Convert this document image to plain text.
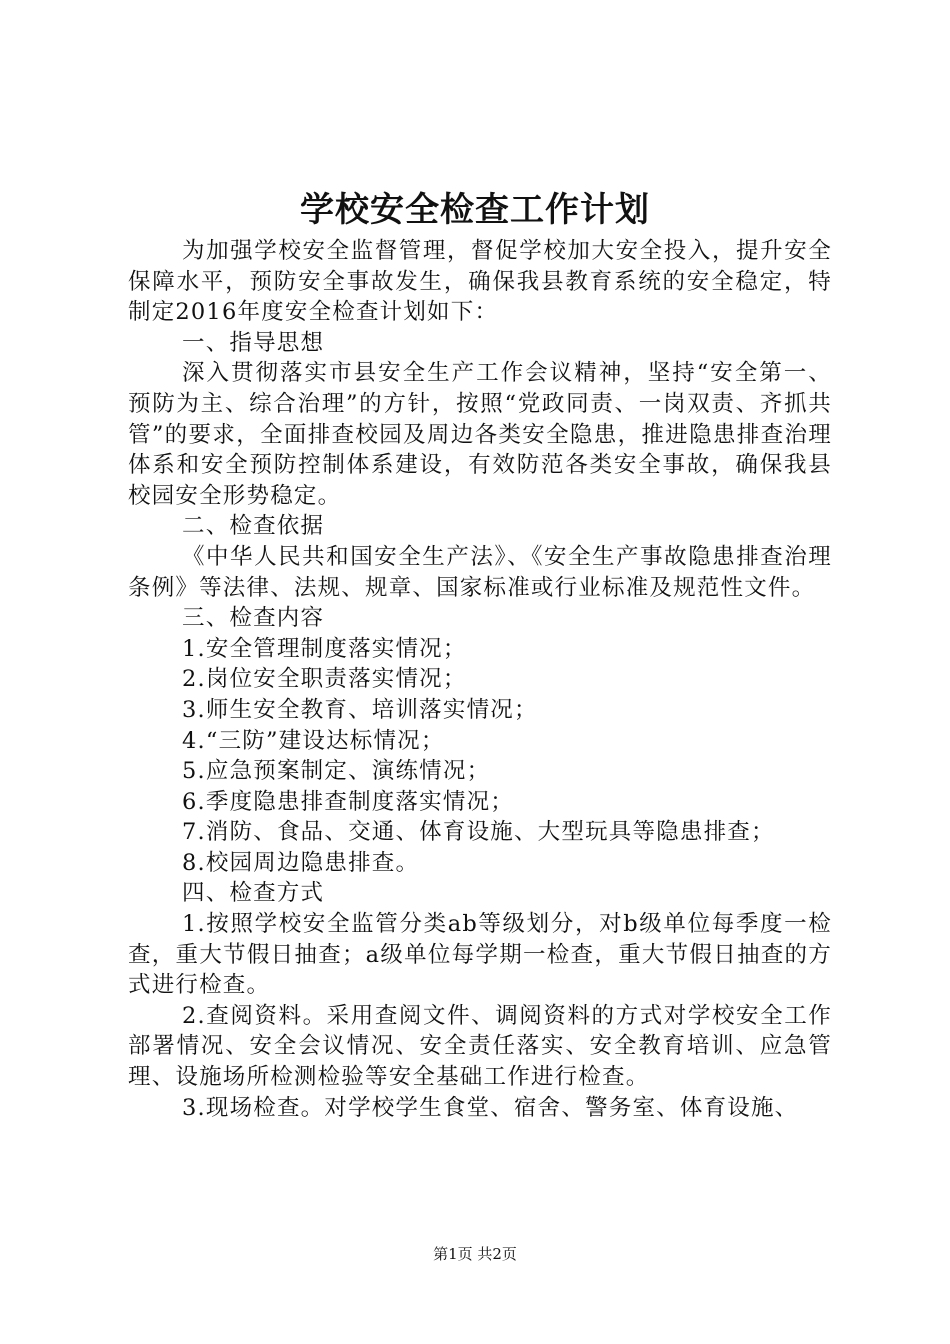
学校安全检查工作计划

为加强学校安全监督管理，督促学校加大安全投入，提升安全保障水平，预防安全事故发生，确保我县教育系统的安全稳定，特制定2016年度安全检查计划如下：

一、指导思想

深入贯彻落实市县安全生产工作会议精神，坚持“安全第一、预防为主、综合治理”的方针，按照“党政同责、一岗双责、齐抓共管”的要求，全面排查校园及周边各类安全隐患，推进隐患排查治理体系和安全预防控制体系建设，有效防范各类安全事故，确保我县校园安全形势稳定。

二、检查依据

《中华人民共和国安全生产法》、《安全生产事故隐患排查治理条例》等法律、法规、规章、国家标准或行业标准及规范性文件。

三、检查内容

1.安全管理制度落实情况；

2.岗位安全职责落实情况；

3.师生安全教育、培训落实情况；

4.“三防”建设达标情况；

5.应急预案制定、演练情况；

6.季度隐患排查制度落实情况；

7.消防、食品、交通、体育设施、大型玩具等隐患排查；

8.校园周边隐患排查。

四、检查方式

1.按照学校安全监管分类ab等级划分，对b级单位每季度一检查，重大节假日抽查；a级单位每学期一检查，重大节假日抽查的方式进行检查。

2.查阅资料。采用查阅文件、调阅资料的方式对学校安全工作部署情况、安全会议情况、安全责任落实、安全教育培训、应急管理、设施场所检测检验等安全基础工作进行检查。

3.现场检查。对学校学生食堂、宿舍、警务室、体育设施、

第1页 共2页
